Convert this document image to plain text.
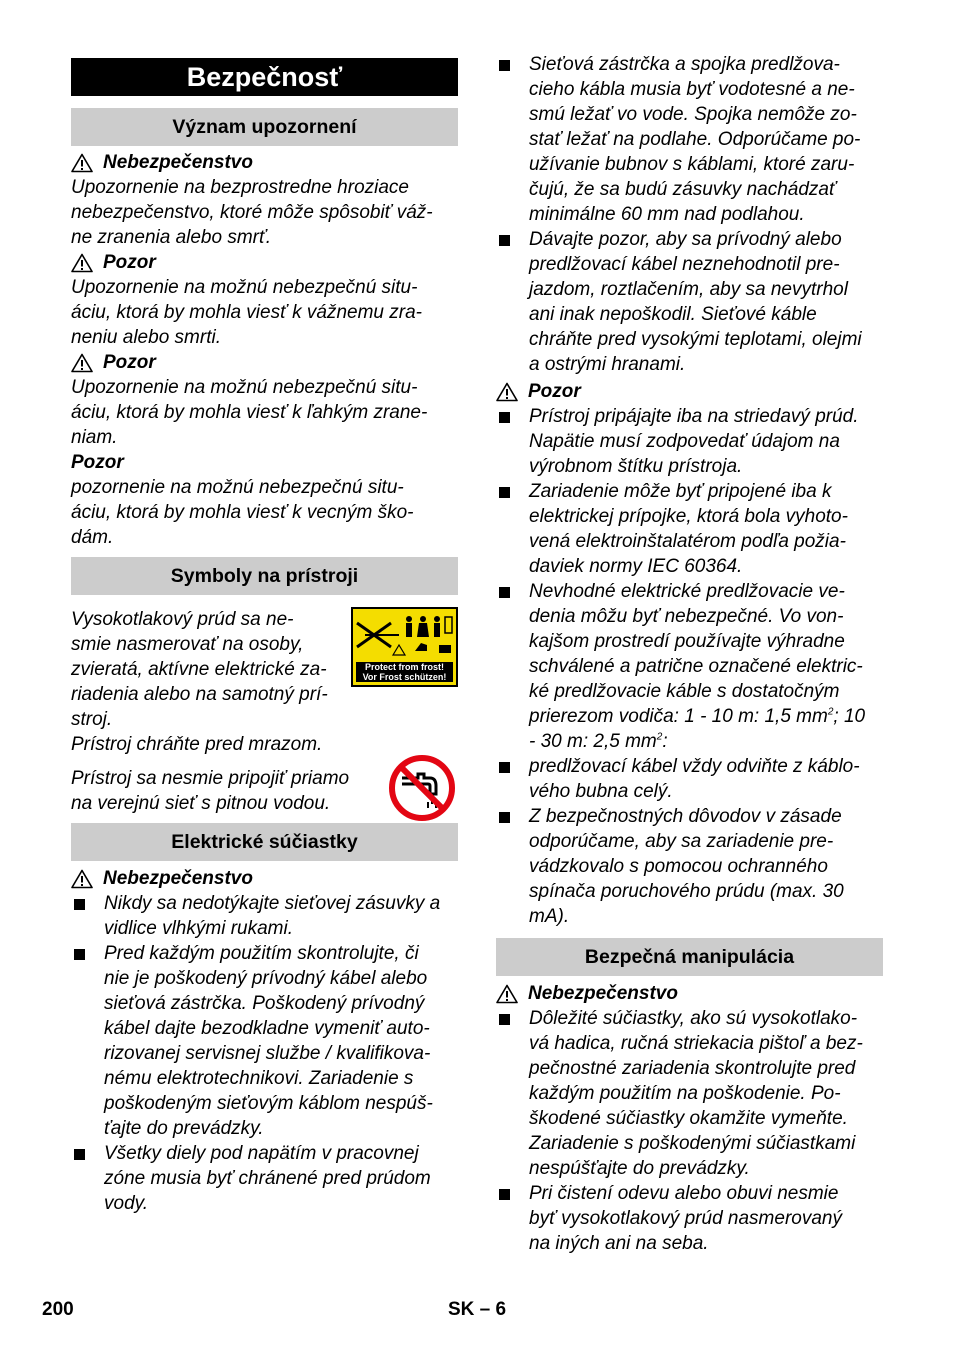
Bezpečnosť
Význam upozornení
Nebezpečenstvo
Upozornenie na bezprostredne hroziace
nebezpečenstvo, ktoré môže spôsobiť váž-
ne zranenia alebo smrť.
Pozor
Upozornenie na možnú nebezpečnú situ-
áciu, ktorá by mohla viesť k vážnemu zra-
neniu alebo smrti.
Pozor
Upozornenie na možnú nebezpečnú situ-
áciu, ktorá by mohla viesť k ľahkým zrane-
niam.
Pozor
pozornenie na možnú nebezpečnú situ-
áciu, ktorá by mohla viesť k vecným ško-
dám.
Symboly na prístroji
Vysokotlakový prúd sa ne-
smie nasmerovať na osoby,
zvieratá, aktívne elektrické za-
riadenia alebo na samotný prí-
stroj.
Prístroj chráňte pred mrazom.
Protect from frost!
Vor Frost schützen!
Prístroj sa nesmie pripojiť priamo
na verejnú sieť s pitnou vodou.
Elektrické súčiastky
Nebezpečenstvo
Nikdy sa nedotýkajte sieťovej zásuvky a
vidlice vlhkými rukami.
Pred každým použitím skontrolujte, či
nie je poškodený prívodný kábel alebo
sieťová zástrčka. Poškodený prívodný
kábel dajte bezodkladne vymeniť auto-
rizovanej servisnej službe / kvalifikova-
nému elektrotechnikovi. Zariadenie s
poškodeným sieťovým káblom nespúš-
ťajte do prevádzky.
Všetky diely pod napätím v pracovnej
zóne musia byť chránené pred prúdom
vody.
Sieťová zástrčka a spojka predlžova-
cieho kábla musia byť vodotesné a ne-
smú ležať vo vode. Spojka nemôže zo-
stať ležať na podlahe. Odporúčame po-
užívanie bubnov s káblami, ktoré zaru-
čujú, že sa budú zásuvky nachádzať
minimálne 60 mm nad podlahou.
Dávajte pozor, aby sa prívodný alebo
predlžovací kábel neznehodnotil pre-
jazdom, roztlačením, aby sa nevytrhol
ani inak nepoškodil. Sieťové káble
chráňte pred vysokými teplotami, olejmi
a ostrými hranami.
Pozor
Prístroj pripájajte iba na striedavý prúd.
Napätie musí zodpovedať údajom na
výrobnom štítku prístroja.
Zariadenie môže byť pripojené iba k
elektrickej prípojke, ktorá bola vyhoto-
vená elektroinštalatérom podľa požia-
daviek normy IEC 60364.
Nevhodné elektrické predlžovacie ve-
denia môžu byť nebezpečné. Vo von-
kajšom prostredí používajte výhradne
schválené a patrične označené elektric-
ké predlžovacie káble s dostatočným
prierezom vodiča: 1 - 10 m: 1,5 $mm^2$; 10
- 30 m: 2,5 $mm^2$:
predlžovací kábel vždy odviňte z káblo-
vého bubna celý.
Z bezpečnostných dôvodov v zásade
odporúčame, aby sa zariadenie pre-
vádzkovalo s pomocou ochranného
spínača poruchového prúdu (max. 30
mA).
Bezpečná manipulácia
Nebezpečenstvo
Dôležité súčiastky, ako sú vysokotlako-
vá hadica, ručná striekacia pištoľ a bez-
pečnostné zariadenia skontrolujte pred
každým použitím na poškodenie. Po-
škodené súčiastky okamžite vymeňte.
Zariadenie s poškodenými súčiastkami
nespúšťajte do prevádzky.
Pri čistení odevu alebo obuvi nesmie
byť vysokotlakový prúd nasmerovaný
na iných ani na seba.
200	SK – 6
